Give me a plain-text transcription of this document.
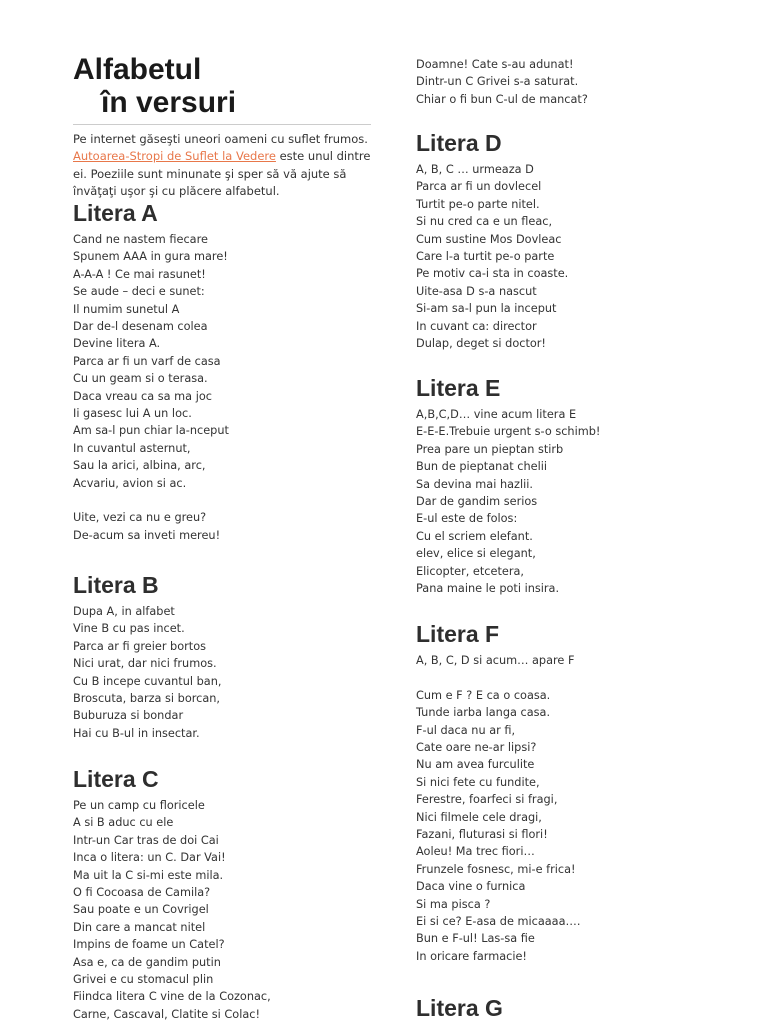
Alfabetul
în versuri
Pe internet găseşti uneori oameni cu suflet frumos. Autoarea-Stropi de Suflet la Vedere este unul dintre ei. Poeziile sunt minunate şi sper să vă ajute să învăţaţi uşor şi cu plăcere alfabetul.
Litera A
Cand ne nastem fiecare
Spunem AAA in gura mare!
A-A-A ! Ce mai rasunet!
Se aude – deci e sunet:
Il numim sunetul A
Dar de-l desenam colea
Devine litera A.
Parca ar fi un varf de casa
Cu un geam si o terasa.
Daca vreau ca sa ma joc
Ii gasesc lui A un loc.
Am sa-l pun chiar la-nceput
In cuvantul asternut,
Sau la arici, albina, arc,
Acvariu, avion si ac.
Uite, vezi ca nu e greu?
De-acum sa inveti mereu!
Litera B
Dupa A, in alfabet
Vine B cu pas incet.
Parca ar fi greier bortos
Nici urat, dar nici frumos.
Cu B incepe cuvantul ban,
Broscuta, barza si borcan,
Buburuza si bondar
Hai cu B-ul in insectar.
Litera C
Pe un camp cu floricele
A si B aduc cu ele
Intr-un Car tras de doi Cai
Inca o litera: un C. Dar Vai!
Ma uit la C si-mi este mila.
O fi Cocoasa de Camila?
Sau poate e un Covrigel
Din care a mancat nitel
Impins de foame un Catel?
Asa e, ca de gandim putin
Grivei e cu stomacul plin
Fiindca litera C vine de la Cozonac,
Carne, Cascaval, Clatite si Colac!
Doamne! Cate s-au adunat!
Dintr-un C Grivei s-a saturat.
Chiar o fi bun C-ul de mancat?
Litera D
A, B, C … urmeaza D
Parca ar fi un dovlecel
Turtit pe-o parte nitel.
Si nu cred ca e un fleac,
Cum sustine Mos Dovleac
Care l-a turtit pe-o parte
Pe motiv ca-i sta in coaste.
Uite-asa D s-a nascut
Si-am sa-l pun la inceput
In cuvant ca: director
Dulap, deget si doctor!
Litera E
A,B,C,D… vine acum litera E
E-E-E.Trebuie urgent s-o schimb!
Prea pare un pieptan stirb
Bun de pieptanat chelii
Sa devina mai hazlii.
Dar de gandim serios
E-ul este de folos:
Cu el scriem elefant.
elev, elice si elegant,
Elicopter, etcetera,
Pana maine le poti insira.
Litera F
A, B, C, D si acum… apare F
Cum e F ? E ca o coasa.
Tunde iarba langa casa.
F-ul daca nu ar fi,
Cate oare ne-ar lipsi?
Nu am avea furculite
Si nici fete cu fundite,
Ferestre, foarfeci si fragi,
Nici filmele cele dragi,
Fazani, fluturasi si flori!
Aoleu! Ma trec fiori…
Frunzele fosnesc, mi-e frica!
Daca vine o furnica
Si ma pisca ?
Ei si ce? E-asa de micaaaa….
Bun e F-ul! Las-sa fie
In oricare farmacie!
Litera G
